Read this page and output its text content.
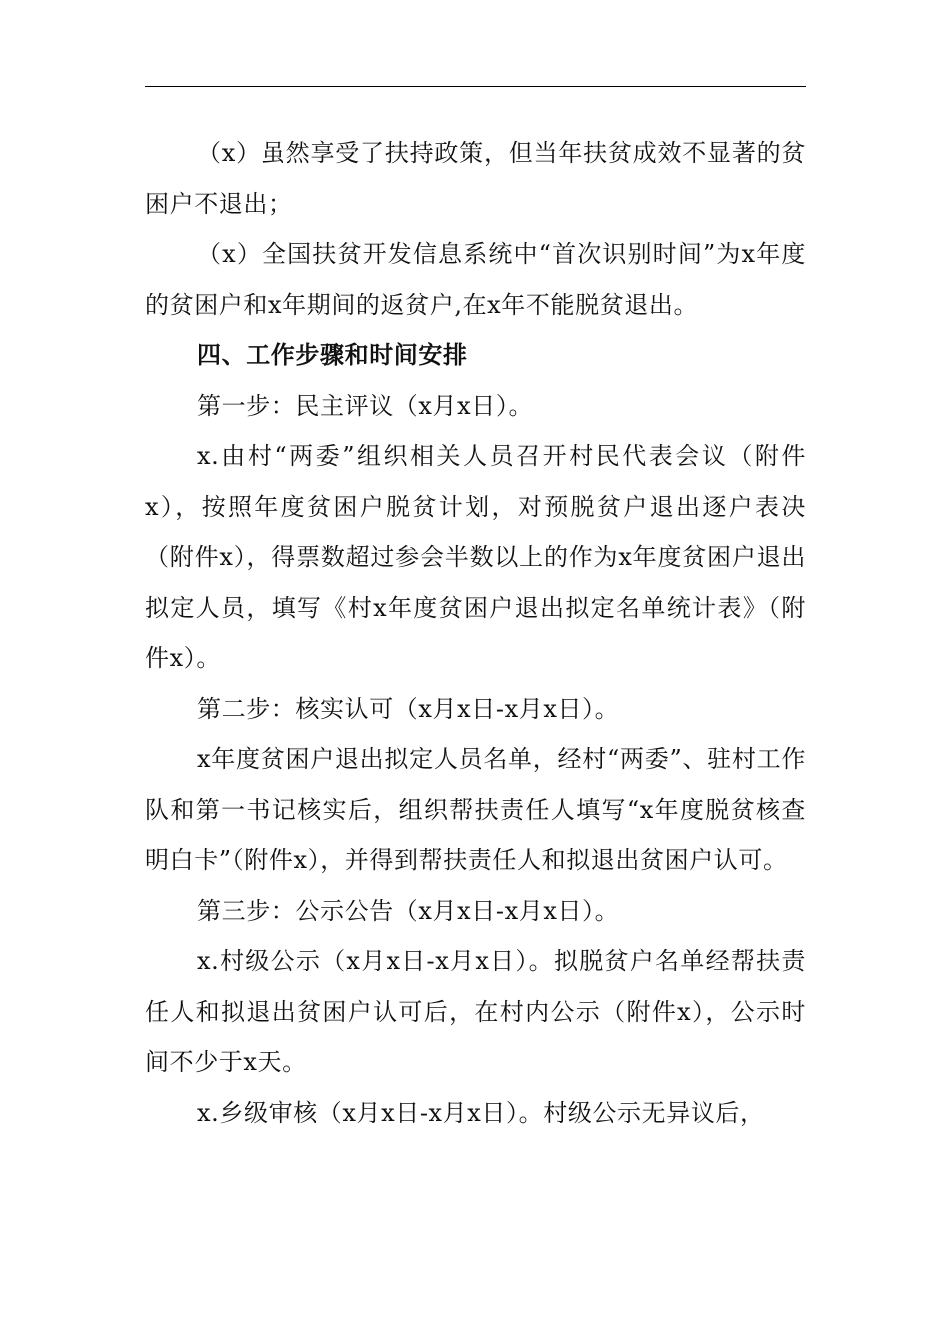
（x）虽然享受了扶持政策，但当年扶贫成效不显著的贫困户不退出；

（x）全国扶贫开发信息系统中“首次识别时间”为x年度的贫困户和x年期间的返贫户,在x年不能脱贫退出。

四、工作步骤和时间安排

第一步：民主评议（x月x日）。

x.由村“两委”组织相关人员召开村民代表会议（附件x），按照年度贫困户脱贫计划，对预脱贫户退出逐户表决（附件x），得票数超过参会半数以上的作为x年度贫困户退出拟定人员，填写《村x年度贫困户退出拟定名单统计表》（附件x）。

第二步：核实认可（x月x日-x月x日）。

x年度贫困户退出拟定人员名单，经村“两委”、驻村工作队和第一书记核实后，组织帮扶责任人填写“x年度脱贫核查明白卡”（附件x），并得到帮扶责任人和拟退出贫困户认可。

第三步：公示公告（x月x日-x月x日）。

x.村级公示（x月x日-x月x日）。拟脱贫户名单经帮扶责任人和拟退出贫困户认可后，在村内公示（附件x），公示时间不少于x天。

x.乡级审核（x月x日-x月x日）。村级公示无异议后，
